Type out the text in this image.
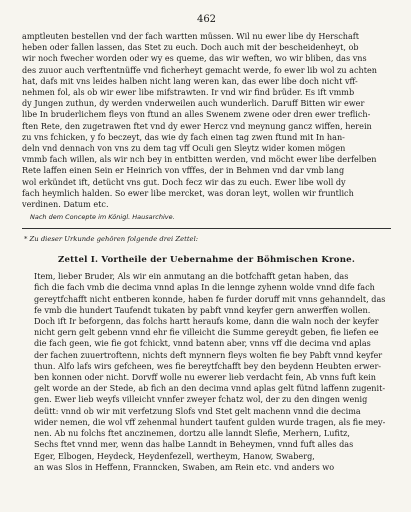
462
amptleuten bestellen vnd der fach wartten müssen. Wil nu ewer libe dy Herschaft
heben oder fallen lassen, das Stet zu euch. Doch auch mit der bescheidenheyt, ob
wir noch fwecher worden oder wy es queme, das wir weften, wo wir bliben, das vns
des zuuor auch verftentnüffe vnd ficherheyt gemacht werde, fo ewer lib wol zu achten
hat, dafs mit vns leides halben nicht lang weren kan, das ewer libe doch nicht vff-
nehmen fol, als ob wir ewer libe mifstrawten. Ir vnd wir find brüder. Es ift vmmb
dy Jungen zuthun, dy werden vnderweilen auch wunderlich. Daruff Bitten wir ewer
libe In bruderlichem fleys von ftund an alles Swenem zwene oder dren ewer treflich-
ften Rete, den zugetrawen ftet vnd dy ewer Hercz vnd meynung gancz wiffen, herein
zu vns fchicken, y fo beczeyt, das wie dy fach einen tag zwen ftund mit In han-
deln vnd dennach von vns zu dem tag vff Oculi gen Sleytz wider komen mögen
vmmb fach willen, als wir nch bey in entbitten werden, vnd möcht ewer libe derfelben
Rete laffen einen Sein er Heinrich von vfffes, der in Behmen vnd dar vmb lang
wol erkündet ift, detücht vns gut. Doch fecz wir das zu euch. Ewer libe woll dy
fach heymlich halden. So ewer libe mercket, was doran leyt, wollen wir fruntlich
verdinen. Datum etc.
Nach dem Concepte im Königl. Hausarchive.
* Zu dieser Urkunde gehören folgende drei Zettel:
Zettel I. Vortheile der Uebernahme der Böhmischen Krone.
Item, lieber Bruder, Als wir ein anmutang an die botfchafft getan haben, das
fich die fach vmb die decima vnnd aplas In die lennge zyhenn wolde vnnd dife fach
gereytfchafft nicht entberen konnde, haben fe furder doruff mit vnns gehanndelt, das
fe vmb die hundert Taufendt tukaten by pabft vnnd keyfer gern anwerffen wollen.
Doch ift Ir beforgenn, das folchs hartt heraufs kome, dann die waln noch der keyfer
nicht gern gelt gebenn vnnd ehr fie villeicht die Summe gereydt geben, fie liefen ee
die fach geen, wie fie got fchickt, vnnd batenn aber, vnns vff die decima vnd aplas
der fachen zuuertroftenn, nichts deft mynnern fleys wolten fie bey Pabft vnnd keyfer
thun. Alfo lafs wirs gefcheen, wes fie bereytfchafft bey den beydenn Heubten erwer-
ben konnen oder nicht. Dorvff wolle nu ewerer lieb verdacht fein, Ab vnns fuft kein
gelt worde an der Stede, ab fich an den decima vnnd aplas gelt fütnd laffenn zugenit-
gen. Ewer lieb weyfs villeicht vnnfer zweyer fchatz wol, der zu den dingen wenig
deütt: vnnd ob wir mit verfetzung Slofs vnd Stet gelt machenn vnnd die decima
wider nemen, die wol vff zehenmal hundert taufent gulden wurde tragen, als fie mey-
nen. Ab nu folchs ftet anczinemen, dortzu alle lanndt Slefie, Merhern, Lufitz,
Sechs ftet vnnd mer, wenn das halbe Lanndt in Beheymen, vnnd fuft alles das
Eger, Elbogen, Heydeck, Heydenfezell, wertheym, Hanow, Swaberg,
an was Slos in Heffenn, Franncken, Swaben, am Rein etc. vnd anders wo
